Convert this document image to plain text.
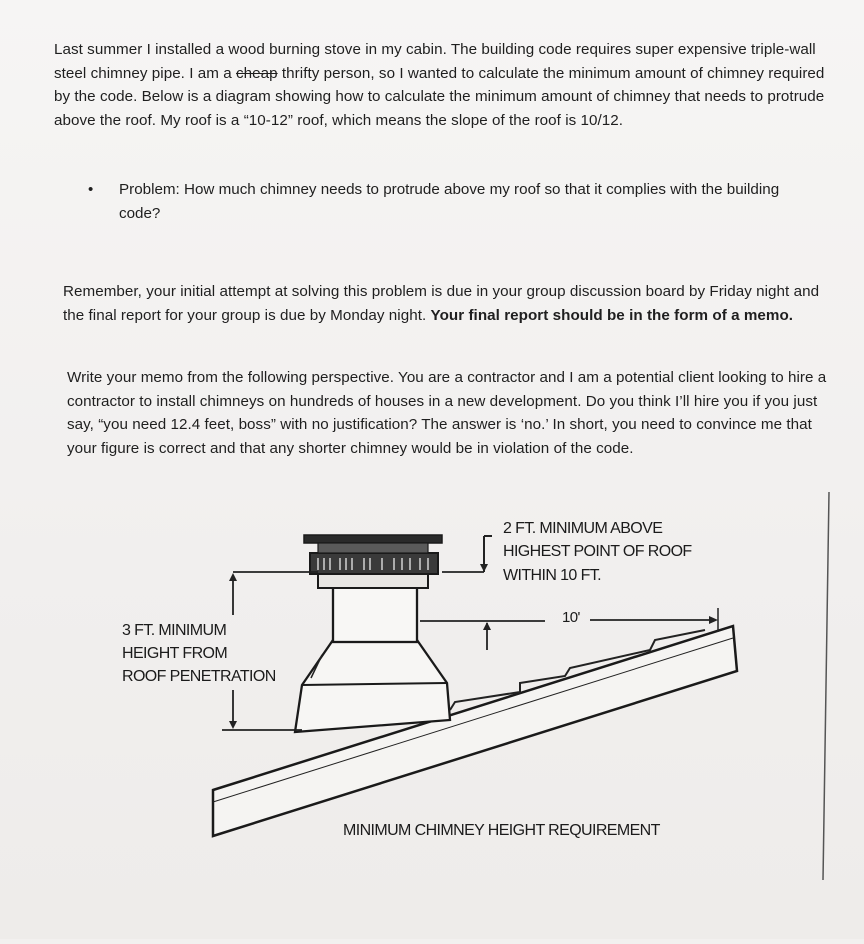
Last summer I installed a wood burning stove in my cabin. The building code requires super expensive triple-wall steel chimney pipe. I am a cheap thrifty person, so I wanted to calculate the minimum amount of chimney required by the code. Below is a diagram showing how to calculate the minimum amount of chimney that needs to protrude above the roof. My roof is a “10-12” roof, which means the slope of the roof is 10/12.
• Problem: How much chimney needs to protrude above my roof so that it complies with the building code?
Remember, your initial attempt at solving this problem is due in your group discussion board by Friday night and the final report for your group is due by Monday night. Your final report should be in the form of a memo.
Write your memo from the following perspective. You are a contractor and I am a potential client looking to hire a contractor to install chimneys on hundreds of houses in a new development. Do you think I’ll hire you if you just say, “you need 12.4 feet, boss” with no justification? The answer is ‘no.’ In short, you need to convince me that your figure is correct and that any shorter chimney would be in violation of the code.
2 FT. MINIMUM ABOVE
HIGHEST POINT OF ROOF
WITHIN 10 FT.
10'
3 FT. MINIMUM
HEIGHT FROM
ROOF PENETRATION
MINIMUM CHIMNEY HEIGHT REQUIREMENT
